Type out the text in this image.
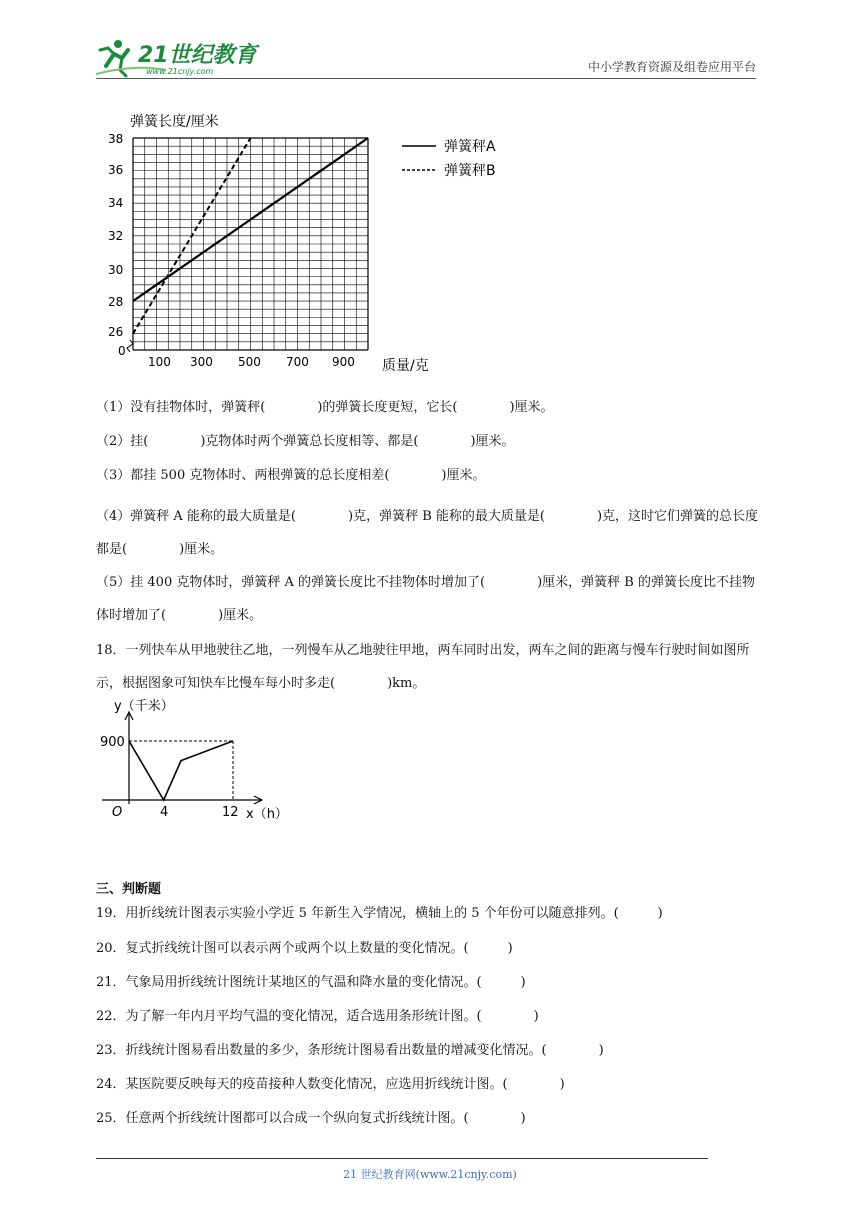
21世纪教育
www.21cnjy.com	中小学教育资源及组卷应用平台
弹簧长度/厘米
38
36
34
32
30
28
26
0
100 300 500 700 900 质量/克
弹簧秤A
弹簧秤B
（1）没有挂物体时，弹簧秤(　　　　)的弹簧长度更短，它长(　　　　)厘米。
（2）挂(　　　　)克物体时两个弹簧总长度相等、都是(　　　　)厘米。
（3）都挂 500 克物体时、两根弹簧的总长度相差(　　　　)厘米。
（4）弹簧秤 A 能称的最大质量是(　　　　)克，弹簧秤 B 能称的最大质量是(　　　　)克，这时它们弹簧的总长度都是(　　　　)厘米。
（5）挂 400 克物体时，弹簧秤 A 的弹簧长度比不挂物体时增加了(　　　　)厘米，弹簧秤 B 的弹簧长度比不挂物体时增加了(　　　　)厘米。
18．一列快车从甲地驶往乙地，一列慢车从乙地驶往甲地，两车同时出发，两车之间的距离与慢车行驶时间如图所示，根据图象可知快车比慢车每小时多走(　　　　)km。
y（千米）
900
O	4	12 x（h）
三、判断题
19．用折线统计图表示实验小学近 5 年新生入学情况，横轴上的 5 个年份可以随意排列。(　　　)
20．复式折线统计图可以表示两个或两个以上数量的变化情况。(　　　)
21．气象局用折线统计图统计某地区的气温和降水量的变化情况。(　　　)
22．为了解一年内月平均气温的变化情况，适合选用条形统计图。(　　　　)
23．折线统计图易看出数量的多少，条形统计图易看出数量的增减变化情况。(　　　　)
24．某医院要反映每天的疫苗接种人数变化情况，应选用折线统计图。(　　　　)
25．任意两个折线统计图都可以合成一个纵向复式折线统计图。(　　　　)
21 世纪教育网(www.21cnjy.com)
